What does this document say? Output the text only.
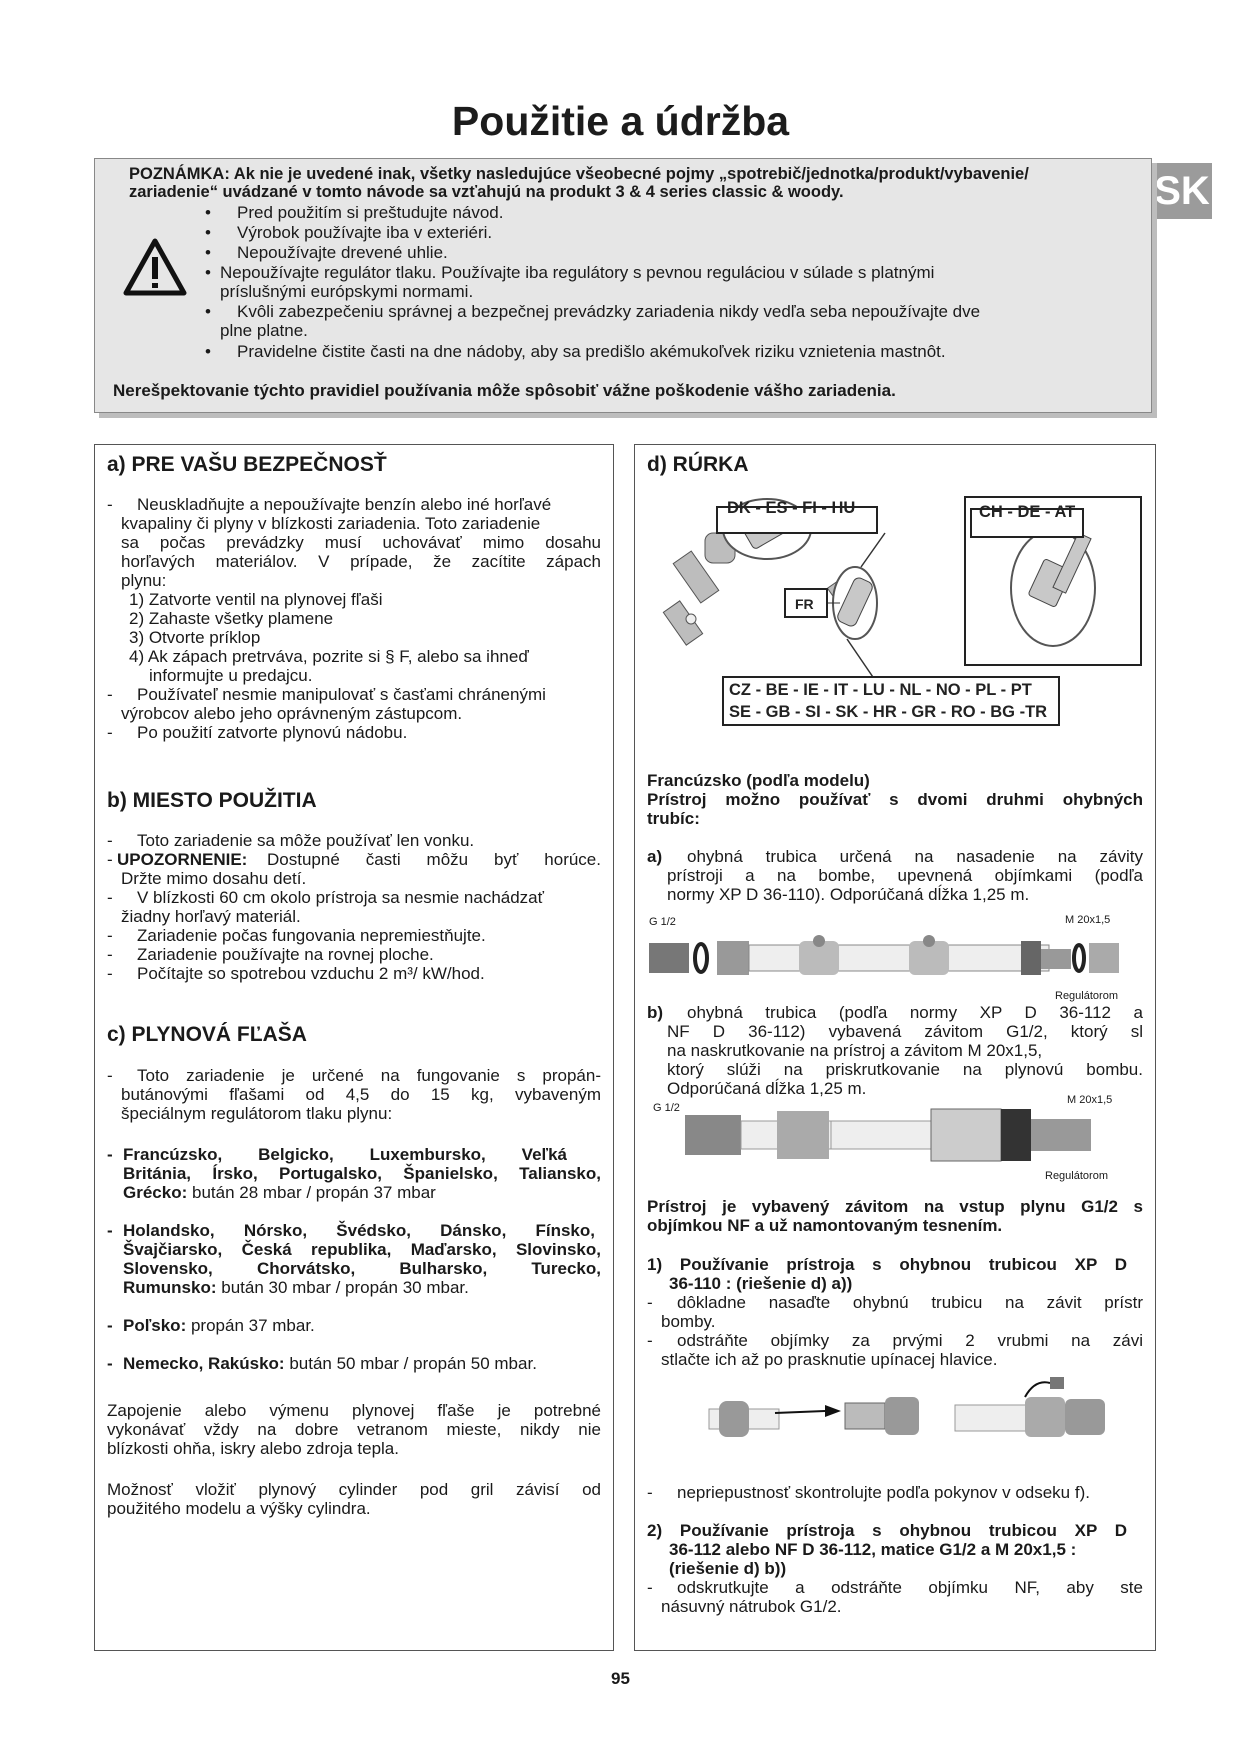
Použitie a údržba
SK
POZNÁMKA: Ak nie je uvedené inak, všetky nasledujúce všeobecné pojmy „spotrebič/jednotka/produkt/vybavenie/
zariadenie“ uvádzané v tomto návode sa vzťahujú na produkt 3 & 4 series classic & woody.
• Pred použitím si preštudujte návod.
• Výrobok používajte iba v exteriéri.
• Nepoužívajte drevené uhlie.
• Nepoužívajte regulátor tlaku. Používajte iba regulátory s pevnou reguláciou v súlade s platnými
príslušnými európskymi normami.
• Kvôli zabezpečeniu správnej a bezpečnej prevádzky zariadenia nikdy vedľa seba nepoužívajte dve
plne platne.
• Pravidelne čistite časti na dne nádoby, aby sa predišlo akémukoľvek riziku vznietenia mastnôt.
Nerešpektovanie týchto pravidiel používania môže spôsobiť vážne poškodenie vášho zariadenia.
a) PRE VAŠU BEZPEČNOSŤ
- Neuskladňujte a nepoužívajte benzín alebo iné horľavé
kvapaliny či plyny v blízkosti zariadenia. Toto zariadenie
sa počas prevádzky musí uchovávať mimo dosahu
horľavých materiálov. V prípade, že zacítite zápach
plynu:
1) Zatvorte ventil na plynovej fľaši
2) Zahaste všetky plamene
3) Otvorte príklop
4) Ak zápach pretrváva, pozrite si § F, alebo sa ihneď
informujte u predajcu.
- Používateľ nesmie manipulovať s časťami chránenými
výrobcov alebo jeho oprávneným zástupcom.
- Po použití zatvorte plynovú nádobu.
b) MIESTO POUŽITIA
- Toto zariadenie sa môže používať len vonku.
- UPOZORNENIE: Dostupné časti môžu byť horúce.
Držte mimo dosahu detí.
- V blízkosti 60 cm okolo prístroja sa nesmie nachádzať
žiadny horľavý materiál.
- Zariadenie počas fungovania nepremiestňujte.
- Zariadenie používajte na rovnej ploche.
- Počítajte so spotrebou vzduchu 2 m³/ kW/hod.
c) PLYNOVÁ FĽAŠA
- Toto zariadenie je určené na fungovanie s propán-
butánovými fľašami od 4,5 do 15 kg, vybaveným
špeciálnym regulátorom tlaku plynu:
- Francúzsko, Belgicko, Luxembursko, Veľká
Británia, Írsko, Portugalsko, Španielsko, Taliansko,
Grécko: bután 28 mbar / propán 37 mbar
- Holandsko, Nórsko, Švédsko, Dánsko, Fínsko,
Švajčiarsko, Česká republika, Maďarsko, Slovinsko,
Slovensko, Chorvátsko, Bulharsko, Turecko,
Rumunsko: bután 30 mbar / propán 30 mbar.
- Poľsko: propán 37 mbar.
- Nemecko, Rakúsko: bután 50 mbar / propán 50 mbar.
Zapojenie alebo výmenu plynovej fľaše je potrebné
vykonávať vždy na dobre vetranom mieste, nikdy nie
blízkosti ohňa, iskry alebo zdroja tepla.
Možnosť vložiť plynový cylinder pod gril závisí od
použitého modelu a výšky cylindra.
d) RÚRKA
DK - ES - FI - HU	CH - DE - AT
FR
CZ - BE - IE - IT - LU - NL - NO - PL - PT
SE - GB - SI - SK - HR - GR - RO - BG -TR
Francúzsko (podľa modelu)
Prístroj možno používať s dvomi druhmi ohybných
trubíc:
a) ohybná trubica určená na nasadenie na závity
prístroji a na bombe, upevnená objímkami (podľa
normy XP D 36-110). Odporúčaná dĺžka 1,25 m.
G 1/2	M 20x1,5
Regulátorom
b) ohybná trubica (podľa normy XP D 36-112 a
NF D 36-112) vybavená závitom G1/2, ktorý sl
na naskrutkovanie na prístroj a závitom M 20x1,5,
ktorý slúži na priskrutkovanie na plynovú bombu.
Odporúčaná dĺžka 1,25 m.
G 1/2
M 20x1,5
Regulátorom
Prístroj je vybavený závitom na vstup plynu G1/2 s
objímkou NF a už namontovaným tesnením.
1) Používanie prístroja s ohybnou trubicou XP D
36-110 : (riešenie d) a))
- dôkladne nasaďte ohybnú trubicu na závit prístr
bomby.
- odstráňte objímky za prvými 2 vrubmi na závi
stlačte ich až po prasknutie upínacej hlavice.
- nepriepustnosť skontrolujte podľa pokynov v odseku f).
2) Používanie prístroja s ohybnou trubicou XP D
36-112 alebo NF D 36-112, matice G1/2 a M 20x1,5 :
(riešenie d) b))
- odskrutkujte a odstráňte objímku NF, aby ste
násuvný nátrubok G1/2.
95
